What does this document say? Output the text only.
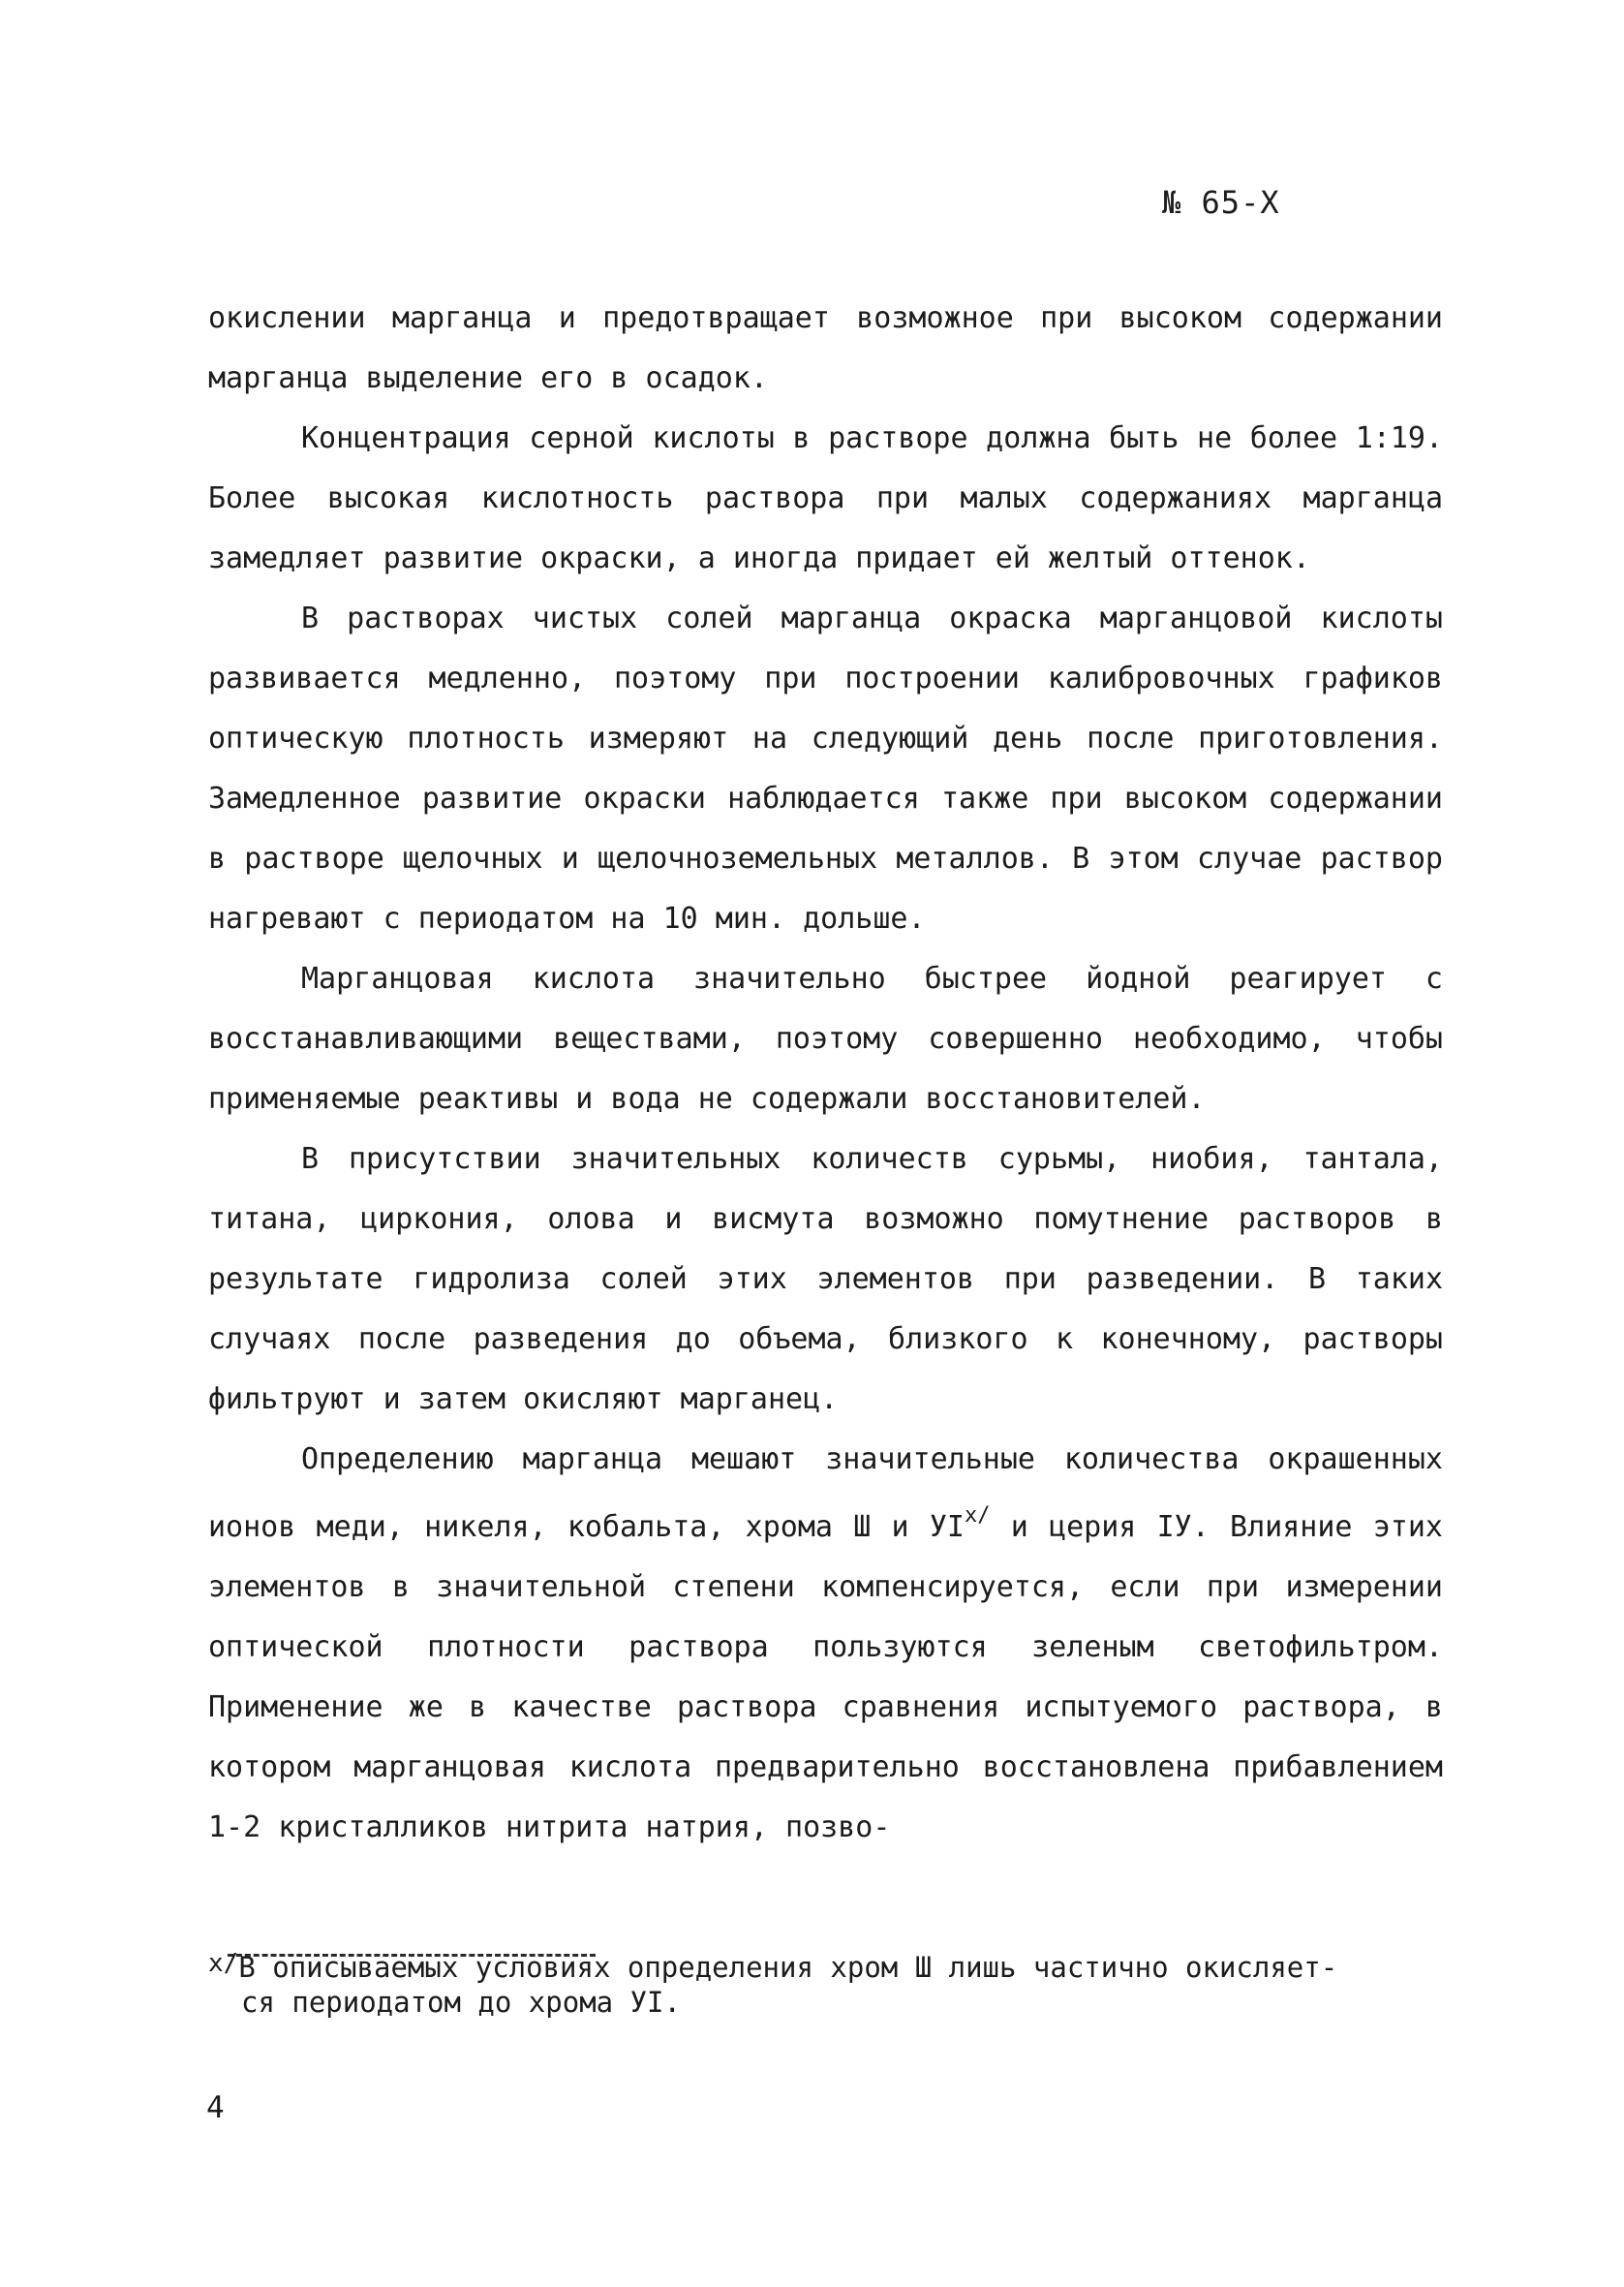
№ 65-Х

окислении марганца и предотвращает возможное при высоком содержании марганца выделение его в осадок.

Концентрация серной кислоты в растворе должна быть не более 1:19. Более высокая кислотность раствора при малых содержаниях марганца замедляет развитие окраски, а иногда придает ей желтый оттенок.

В растворах чистых солей марганца окраска марганцовой кислоты развивается медленно, поэтому при построении калибровочных графиков оптическую плотность измеряют на следующий день после приготовления. Замедленное развитие окраски наблюдается также при высоком содержании в растворе щелочных и щелочноземельных металлов. В этом случае раствор нагревают с периодатом на 10 мин. дольше.

Марганцовая кислота значительно быстрее йодной реагирует с восстанавливающими веществами, поэтому совершенно необходимо, чтобы применяемые реактивы и вода не содержали восстановителей.

В присутствии значительных количеств сурьмы, ниобия, тантала, титана, циркония, олова и висмута возможно помутнение растворов в результате гидролиза солей этих элементов при разведении. В таких случаях после разведения до объема, близкого к конечному, растворы фильтруют и затем окисляют марганец.

Определению марганца мешают значительные количества окрашенных ионов меди, никеля, кобальта, хрома Ш и УI$^{х/}$ и церия IУ. Влияние этих элементов в значительной степени компенсируется, если при измерении оптической плотности раствора пользуются зеленым светофильтром. Применение же в качестве раствора сравнения испытуемого раствора, в котором марганцовая кислота предварительно восстановлена прибавлением 1-2 кристалликов нитрита натрия, позво-

х/В описываемых условиях определения хром Ш лишь частично окисляет-
ся периодатом до хрома УI.
4
